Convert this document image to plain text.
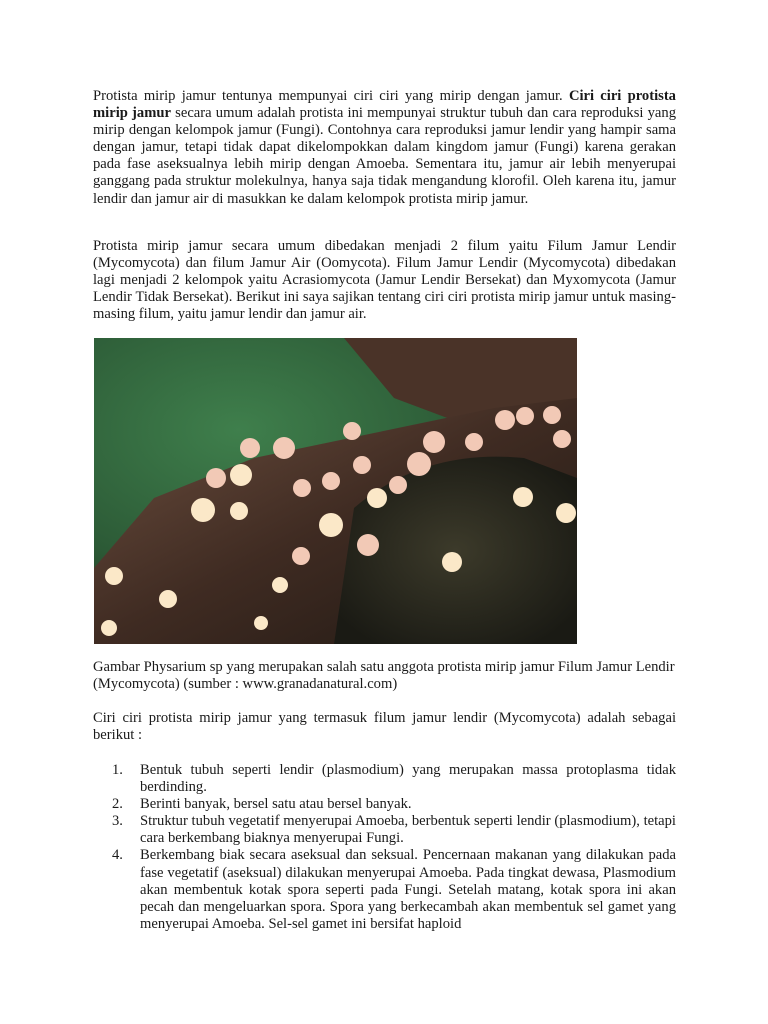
Protista mirip jamur tentunya mempunyai ciri ciri yang mirip dengan jamur. Ciri ciri protista mirip jamur secara umum adalah protista ini mempunyai struktur tubuh dan cara reproduksi yang mirip dengan kelompok jamur (Fungi). Contohnya cara reproduksi jamur lendir yang hampir sama dengan jamur, tetapi tidak dapat dikelompokkan dalam kingdom jamur (Fungi) karena gerakan pada fase aseksualnya lebih mirip dengan Amoeba. Sementara itu, jamur air lebih menyerupai ganggang pada struktur molekulnya, hanya saja tidak mengandung klorofil. Oleh karena itu, jamur lendir dan jamur air di masukkan ke dalam kelompok protista mirip jamur.
Protista mirip jamur secara umum dibedakan menjadi 2 filum yaitu Filum Jamur Lendir (Mycomycota) dan filum Jamur Air (Oomycota). Filum Jamur Lendir (Mycomycota) dibedakan lagi menjadi 2 kelompok yaitu Acrasiomycota (Jamur Lendir Bersekat) dan Myxomycota (Jamur Lendir Tidak Bersekat). Berikut ini saya sajikan tentang ciri ciri protista mirip jamur untuk masing-masing filum, yaitu jamur lendir dan jamur air.
Gambar Physarium sp yang merupakan salah satu anggota protista mirip jamur Filum Jamur Lendir (Mycomycota) (sumber : www.granadanatural.com)
Ciri ciri protista mirip jamur yang termasuk filum jamur lendir (Mycomycota) adalah sebagai berikut :
1. Bentuk tubuh seperti lendir (plasmodium) yang merupakan massa protoplasma tidak berdinding.
2. Berinti banyak, bersel satu atau bersel banyak.
3. Struktur tubuh vegetatif menyerupai Amoeba, berbentuk seperti lendir (plasmodium), tetapi cara berkembang biaknya menyerupai Fungi.
4. Berkembang biak secara aseksual dan seksual. Pencernaan makanan yang dilakukan pada fase vegetatif (aseksual) dilakukan menyerupai Amoeba. Pada tingkat dewasa, Plasmodium akan membentuk kotak spora seperti pada Fungi. Setelah matang, kotak spora ini akan pecah dan mengeluarkan spora. Spora yang berkecambah akan membentuk sel gamet yang menyerupai Amoeba. Sel-sel gamet ini bersifat haploid
